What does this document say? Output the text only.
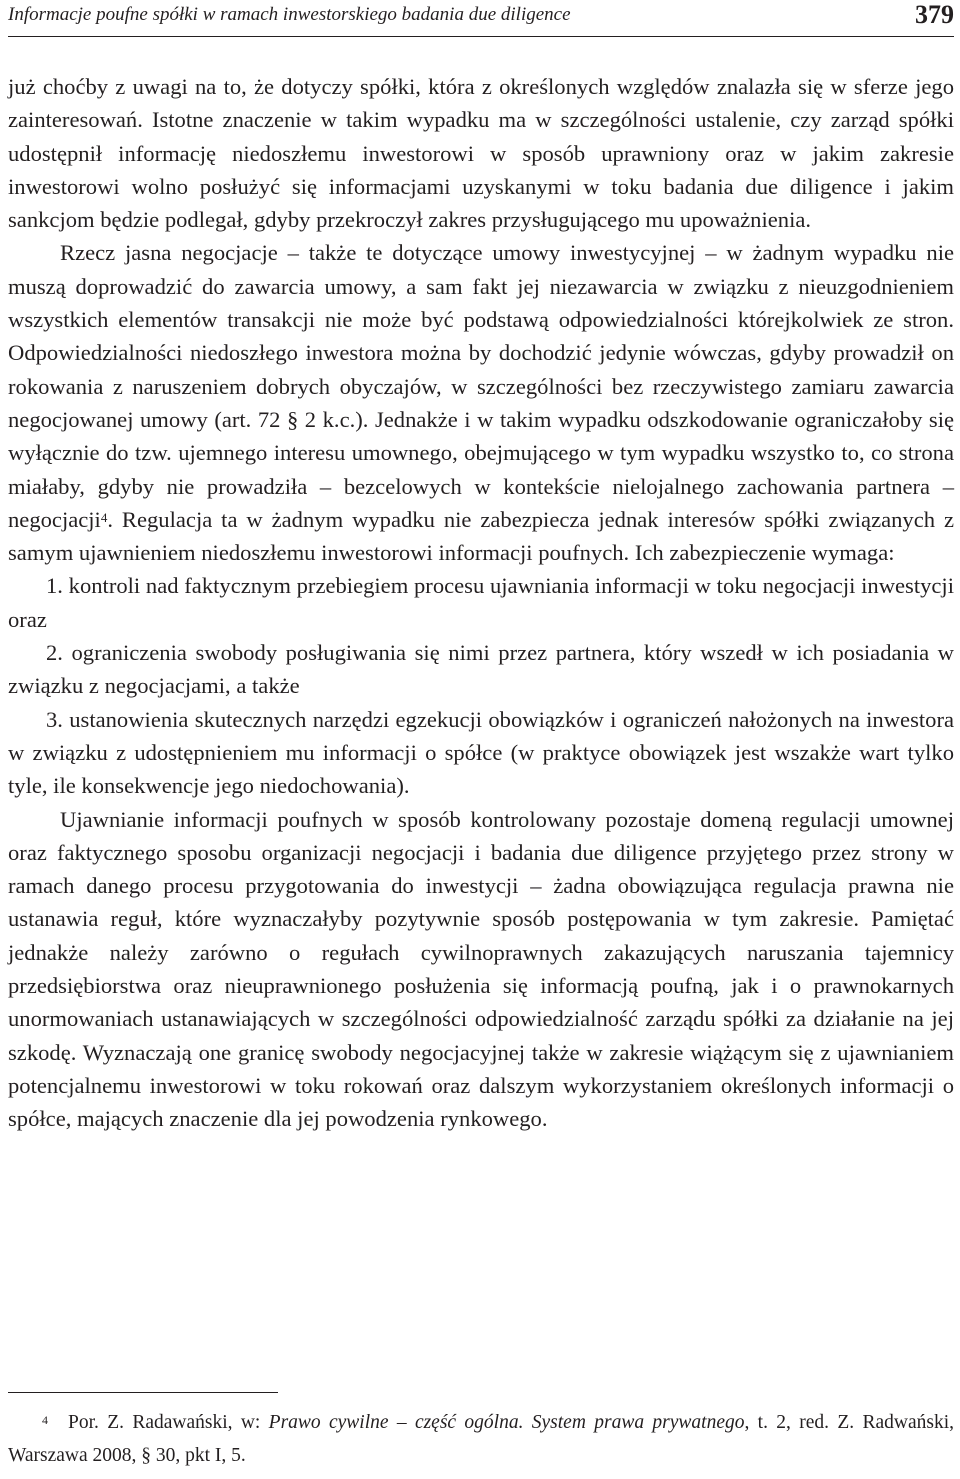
Informacje poufne spółki w ramach inwestorskiego badania due diligence	379

już choćby z uwagi na to, że dotyczy spółki, która z określonych względów znalazła się w sferze jego zainteresowań. Istotne znaczenie w takim wypadku ma w szczególności ustalenie, czy zarząd spółki udostępnił informację niedoszłemu inwestorowi w sposób uprawniony oraz w jakim zakresie inwestorowi wolno posłużyć się informacjami uzyskanymi w toku badania due diligence i jakim sankcjom będzie podlegał, gdyby przekroczył zakres przysługującego mu upoważnienia.

Rzecz jasna negocjacje – także te dotyczące umowy inwestycyjnej – w żadnym wypadku nie muszą doprowadzić do zawarcia umowy, a sam fakt jej niezawarcia w związku z nieuzgodnieniem wszystkich elementów transakcji nie może być podstawą odpowiedzialności którejkolwiek ze stron. Odpowiedzialności niedoszłego inwestora można by dochodzić jedynie wówczas, gdyby prowadził on rokowania z naruszeniem dobrych obyczajów, w szczególności bez rzeczywistego zamiaru zawarcia negocjowanej umowy (art. 72 § 2 k.c.). Jednakże i w takim wypadku odszkodowanie ograniczałoby się wyłącznie do tzw. ujemnego interesu umownego, obejmującego w tym wypadku wszystko to, co strona miałaby, gdyby nie prowadziła – bezcelowych w kontekście nielojalnego zachowania partnera – negocjacji$^4$. Regulacja ta w żadnym wypadku nie zabezpiecza jednak interesów spółki związanych z samym ujawnieniem niedoszłemu inwestorowi informacji poufnych. Ich zabezpieczenie wymaga:

1. kontroli nad faktycznym przebiegiem procesu ujawniania informacji w toku negocjacji inwestycji oraz

2. ograniczenia swobody posługiwania się nimi przez partnera, który wszedł w ich posiadania w związku z negocjacjami, a także

3. ustanowienia skutecznych narzędzi egzekucji obowiązków i ograniczeń nałożonych na inwestora w związku z udostępnieniem mu informacji o spółce (w praktyce obowiązek jest wszakże wart tylko tyle, ile konsekwencje jego niedochowania).

Ujawnianie informacji poufnych w sposób kontrolowany pozostaje domeną regulacji umownej oraz faktycznego sposobu organizacji negocjacji i badania due diligence przyjętego przez strony w ramach danego procesu przygotowania do inwestycji – żadna obowiązująca regulacja prawna nie ustanawia reguł, które wyznaczałyby pozytywnie sposób postępowania w tym zakresie. Pamiętać jednakże należy zarówno o regułach cywilnoprawnych zakazujących naruszania tajemnicy przedsiębiorstwa oraz nieuprawnionego posłużenia się informacją poufną, jak i o prawnokarnych unormowaniach ustanawiających w szczególności odpowiedzialność zarządu spółki za działanie na jej szkodę. Wyznaczają one granicę swobody negocjacyjnej także w zakresie wiążącym się z ujawnianiem potencjalnemu inwestorowi w toku rokowań oraz dalszym wykorzystaniem określonych informacji o spółce, mających znaczenie dla jej powodzenia rynkowego.

4 Por. Z. Radawański, w: Prawo cywilne – część ogólna. System prawa prywatnego, t. 2, red. Z. Radwański, Warszawa 2008, § 30, pkt I, 5.
